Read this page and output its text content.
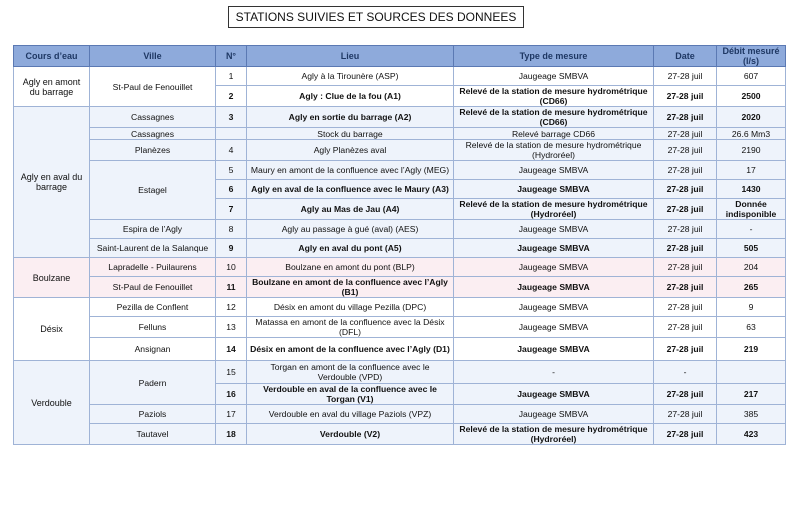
STATIONS SUIVIES ET SOURCES DES DONNEES
Cours d’eau	Ville	N°	Lieu	Type de mesure	Date	Débit mesuré (l/s)
Agly en amont du barrage	St-Paul de Fenouillet	1	Agly à la Tirounère (ASP)	Jaugeage SMBVA	27-28 juil	607
		2	Agly : Clue de la fou (A1)	Relevé de la station de mesure hydrométrique (CD66)	27-28 juil	2500
Agly en aval du barrage	Cassagnes	3	Agly en sortie du barrage (A2)	Relevé de la station de mesure hydrométrique (CD66)	27-28 juil	2020
	Cassagnes		Stock du barrage	Relevé barrage CD66	27-28 juil	26.6 Mm3
	Planèzes	4	Agly Planèzes aval	Relevé de la station de mesure hydrométrique (Hydroréel)	27-28 juil	2190
	Estagel	5	Maury en amont de la confluence avec l’Agly (MEG)	Jaugeage SMBVA	27-28 juil	17
		6	Agly en aval de la confluence avec le Maury (A3)	Jaugeage SMBVA	27-28 juil	1430
		7	Agly au Mas de Jau (A4)	Relevé de la station de mesure hydrométrique (Hydroréel)	27-28 juil	Donnée indisponible
	Espira de l’Agly	8	Agly au passage à gué (aval) (AES)	Jaugeage SMBVA	27-28 juil	-
	Saint-Laurent de la Salanque	9	Agly en aval du pont (A5)	Jaugeage SMBVA	27-28 juil	505
Boulzane	Lapradelle - Puilaurens	10	Boulzane en amont du pont (BLP)	Jaugeage SMBVA	27-28 juil	204
	St-Paul de Fenouillet	11	Boulzane en amont de la confluence avec l’Agly (B1)	Jaugeage SMBVA	27-28 juil	265
Désix	Pezilla de Conflent	12	Désix en amont du village Pezilla (DPC)	Jaugeage SMBVA	27-28 juil	9
	Felluns	13	Matassa en amont de la confluence avec la Désix (DFL)	Jaugeage SMBVA	27-28 juil	63
	Ansignan	14	Désix en amont de la confluence avec l’Agly (D1)	Jaugeage SMBVA	27-28 juil	219
Verdouble	Padern	15	Torgan en amont de la confluence avec le Verdouble (VPD)	-	-	
		16	Verdouble en aval de la confluence avec le Torgan (V1)	Jaugeage SMBVA	27-28 juil	217
	Paziols	17	Verdouble en aval du village Paziols (VPZ)	Jaugeage SMBVA	27-28 juil	385
	Tautavel	18	Verdouble (V2)	Relevé de la station de mesure hydrométrique (Hydroréel)	27-28 juil	423
